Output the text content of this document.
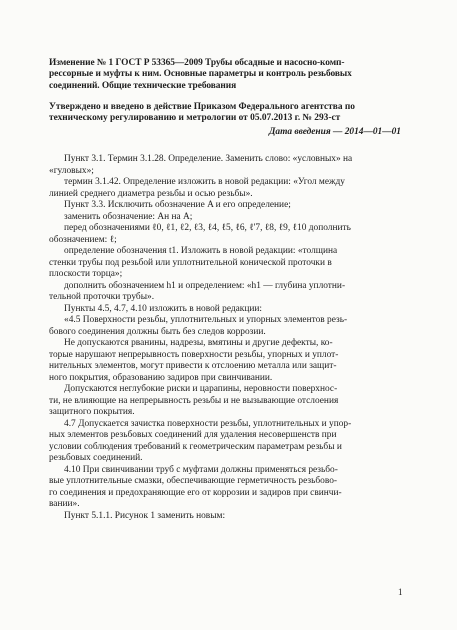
Изменение № 1 ГОСТ Р 53365—2009 Трубы обсадные и насосно-комп-
рессорные и муфты к ним. Основные параметры и контроль резьбовых
соединений. Общие технические требования
Утверждено и введено в действие Приказом Федерального агентства по
техническому регулированию и метрологии от 05.07.2013 г. № 293-ст
Дата введения — 2014—01—01
Пункт 3.1. Термин 3.1.28. Определение. Заменить слово: «условных» на
«гуловых»;
термин 3.1.42. Определение изложить в новой редакции: «Угол между
линией среднего диаметра резьбы и осью резьбы».
Пункт 3.3. Исключить обозначение A и его определение;
заменить обозначение: Aн на A;
перед обозначениями ℓ0, ℓ1, ℓ2, ℓ3, ℓ4, ℓ5, ℓ6, ℓ'7, ℓ8, ℓ9, ℓ10 дополнить
обозначением: ℓ;
определение обозначения t1. Изложить в новой редакции: «толщина
стенки трубы под резьбой или уплотнительной конической проточки в
плоскости торца»;
дополнить обозначением h1 и определением: «h1 — глубина уплотни-
тельной проточки трубы».
Пункты 4.5, 4.7, 4.10 изложить в новой редакции:
«4.5 Поверхности резьбы, уплотнительных и упорных элементов резь-
бового соединения должны быть без следов коррозии.
Не допускаются рванины, надрезы, вмятины и другие дефекты, ко-
торые нарушают непрерывность поверхности резьбы, упорных и уплот-
нительных элементов, могут привести к отслоению металла или защит-
ного покрытия, образованию задиров при свинчивании.
Допускаются неглубокие риски и царапины, неровности поверхнос-
ти, не влияющие на непрерывность резьбы и не вызывающие отслоения
защитного покрытия.
4.7 Допускается зачистка поверхности резьбы, уплотнительных и упор-
ных элементов резьбовых соединений для удаления несовершенств при
условии соблюдения требований к геометрическим параметрам резьбы и
резьбовых соединений.
4.10 При свинчивании труб с муфтами должны применяться резьбо-
вые уплотнительные смазки, обеспечивающие герметичность резьбово-
го соединения и предохраняющие его от коррозии и задиров при свинчи-
вании».
Пункт 5.1.1. Рисунок 1 заменить новым:
1
